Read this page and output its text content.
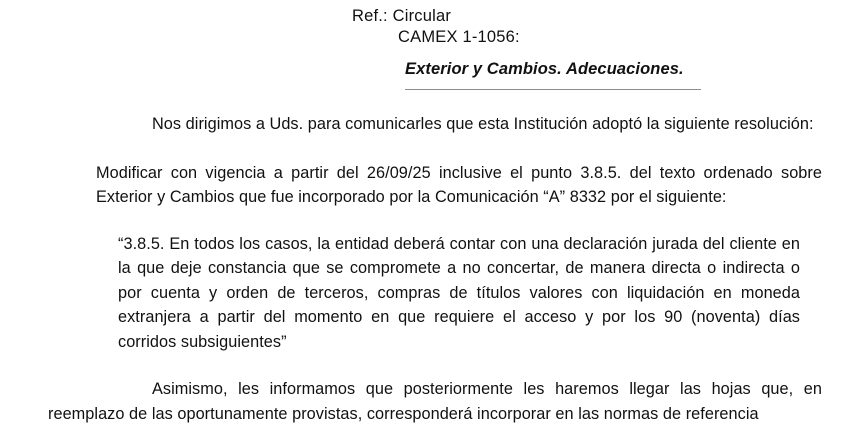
Ref.: Circular
CAMEX 1-1056:
Exterior y Cambios. Adecuaciones.

Nos dirigimos a Uds. para comunicarles que esta Institución adoptó la siguiente resolución:

Modificar con vigencia a partir del 26/09/25 inclusive el punto 3.8.5. del texto ordenado sobre Exterior y Cambios que fue incorporado por la Comunicación “A” 8332 por el siguiente:

“3.8.5. En todos los casos, la entidad deberá contar con una declaración jurada del cliente en la que deje constancia que se compromete a no concertar, de manera directa o indirecta o por cuenta y orden de terceros, compras de títulos valores con liquidación en moneda extranjera a partir del momento en que requiere el acceso y por los 90 (noventa) días corridos subsiguientes”

Asimismo, les informamos que posteriormente les haremos llegar las hojas que, en reemplazo de las oportunamente provistas, corresponderá incorporar en las normas de referencia
